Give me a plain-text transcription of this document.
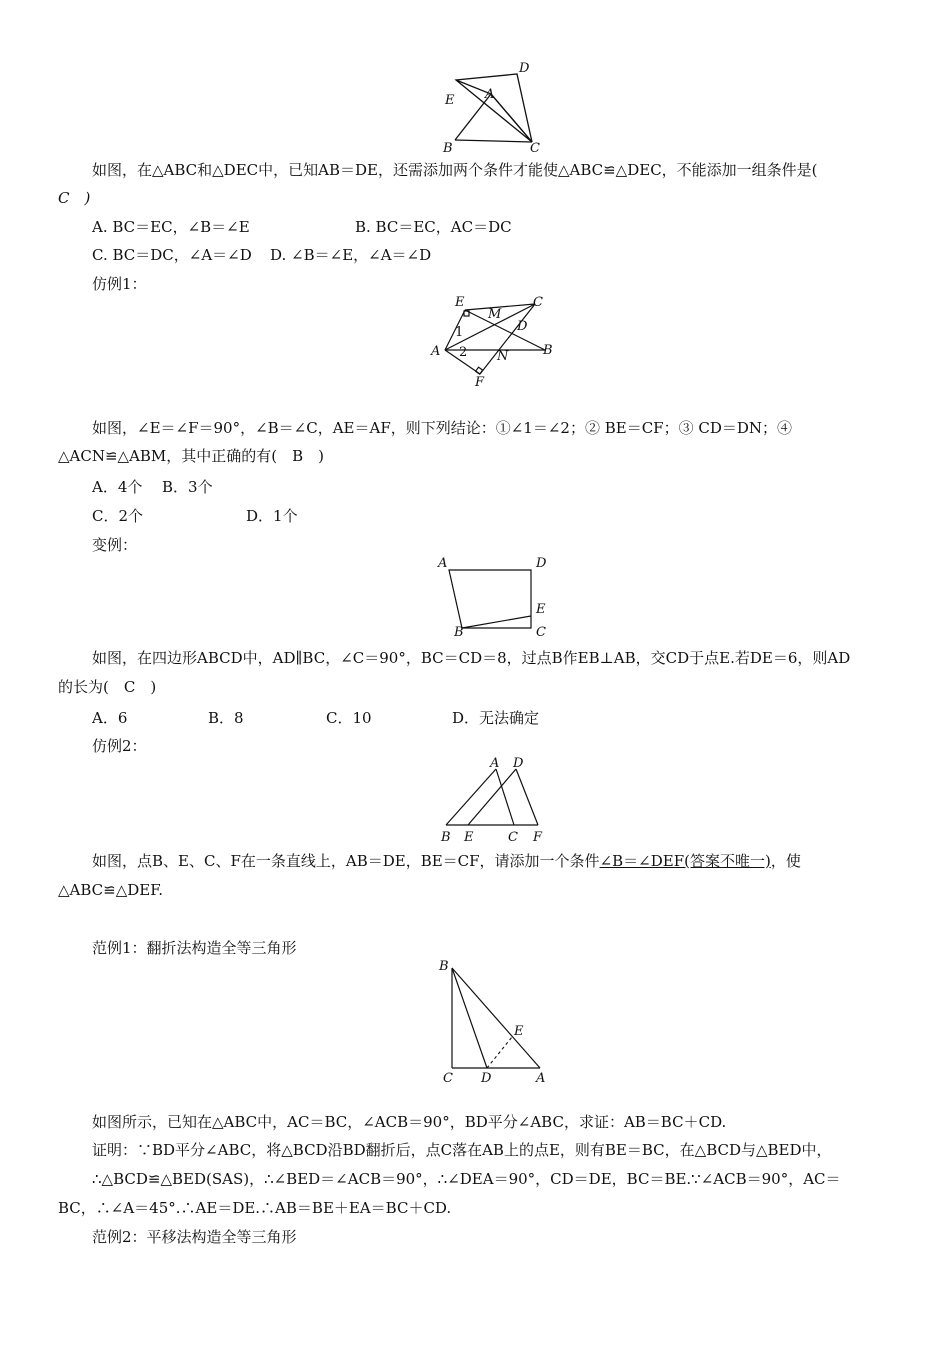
D
E A
B	C
如图，在△ABC和△DEC中，已知AB＝DE，还需添加两个条件才能使△ABC≌△DEC，不能添加一组条件是(
C　)
A. BC＝EC，∠B＝∠E	B. BC＝EC，AC＝DC
C. BC＝DC，∠A＝∠D D. ∠B＝∠E，∠A＝∠D
仿例1：
E	C
M
D
1
A 2 N	B
F
如图，∠E＝∠F＝90°，∠B＝∠C，AE＝AF，则下列结论：①∠1＝∠2；② BE＝CF；③ CD＝DN；④
△ACN≌△ABM，其中正确的有(　B　)
A．4个 B．3个
C．2个	D．1个
变例：
A	D
E
B	C
如图，在四边形ABCD中，AD∥BC，∠C＝90°，BC＝CD＝8，过点B作EB⊥AB，交CD于点E.若DE＝6，则AD
的长为(　C　)
A．6	B．8	C．10	D．无法确定
仿例2：
A D
B E	C F
如图，点B、E、C、F在一条直线上，AB＝DE，BE＝CF，请添加一个条件∠B＝∠DEF(答案不唯一)，使
△ABC≌△DEF.
范例1：翻折法构造全等三角形
B
E
C D	A
如图所示，已知在△ABC中，AC＝BC，∠ACB＝90°，BD平分∠ABC，求证：AB＝BC＋CD.
证明：∵BD平分∠ABC，将△BCD沿BD翻折后，点C落在AB上的点E，则有BE＝BC，在△BCD与△BED中，
∴△BCD≌△BED(SAS)，∴∠BED＝∠ACB＝90°，∴∠DEA＝90°，CD＝DE，BC＝BE.∵∠ACB＝90°，AC＝
BC，∴∠A＝45°.∴AE＝DE.∴AB＝BE＋EA＝BC＋CD.
范例2：平移法构造全等三角形
